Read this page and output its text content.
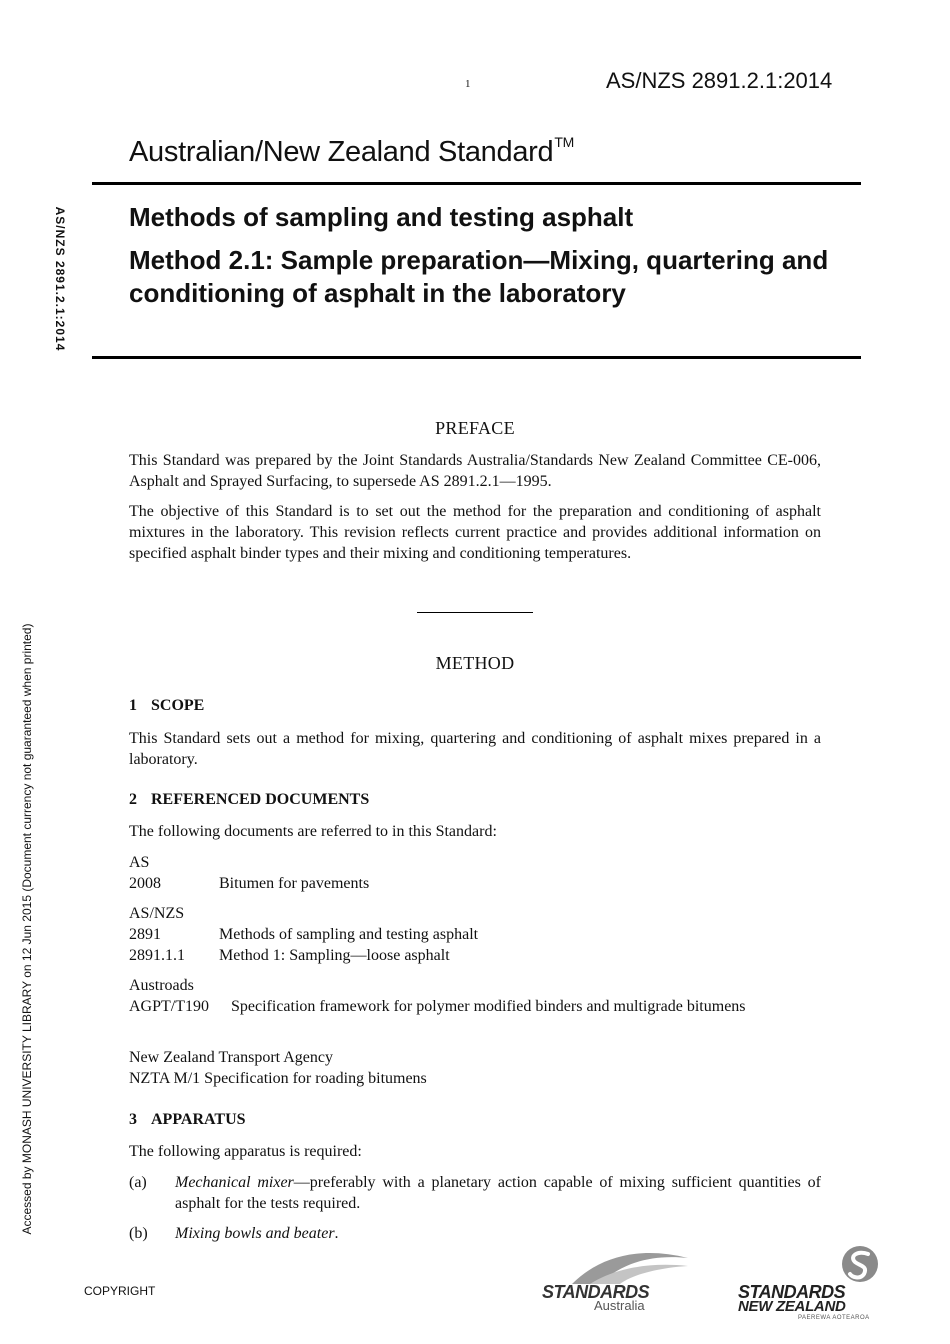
1	AS/NZS 2891.2.1:2014
Australian/New Zealand Standard™
AS/NZS 2891.2.1:2014
Accessed by MONASH UNIVERSITY LIBRARY on 12 Jun 2015 (Document currency not guaranteed when printed)
Methods of sampling and testing asphalt
Method 2.1: Sample preparation—Mixing, quartering and conditioning of asphalt in the laboratory
PREFACE
This Standard was prepared by the Joint Standards Australia/Standards New Zealand Committee CE-006, Asphalt and Sprayed Surfacing, to supersede AS 2891.2.1—1995.
The objective of this Standard is to set out the method for the preparation and conditioning of asphalt mixtures in the laboratory. This revision reflects current practice and provides additional information on specified asphalt binder types and their mixing and conditioning temperatures.
METHOD
1 SCOPE
This Standard sets out a method for mixing, quartering and conditioning of asphalt mixes prepared in a laboratory.
2 REFERENCED DOCUMENTS
The following documents are referred to in this Standard:
AS
2008	Bitumen for pavements
AS/NZS
2891	Methods of sampling and testing asphalt
2891.1.1 Method 1: Sampling—loose asphalt
Austroads
AGPT/T190	Specification framework for polymer modified binders and multigrade bitumens
New Zealand Transport Agency
NZTA M/1 Specification for roading bitumens
3 APPARATUS
The following apparatus is required:
(a) Mechanical mixer—preferably with a planetary action capable of mixing sufficient quantities of asphalt for the tests required.
(b) Mixing bowls and beater.
COPYRIGHT	STANDARDS
Australia
STANDARDS
NEW ZEALAND
PAEREWA AOTEAROA
